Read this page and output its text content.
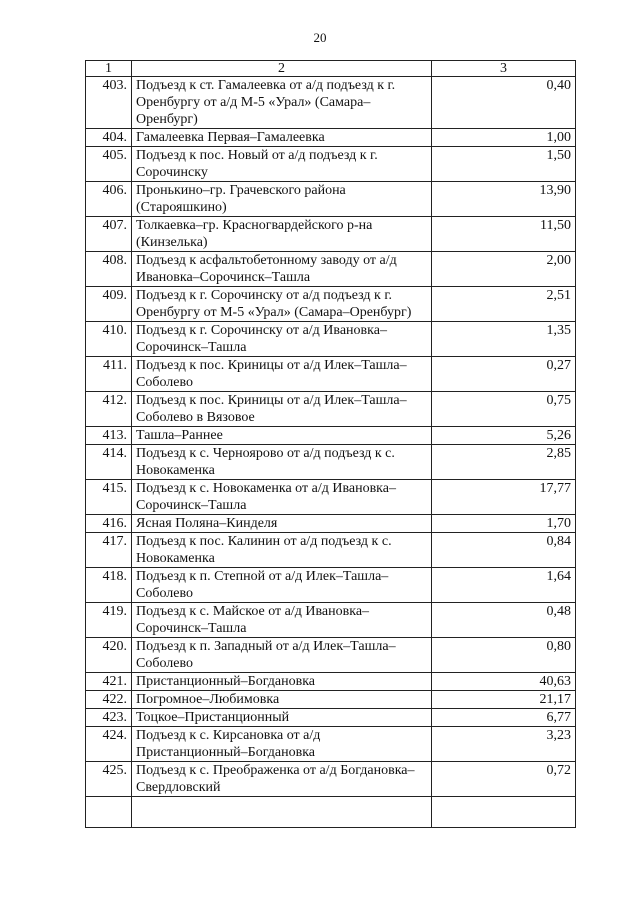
20
1	2	3
403.	Подъезд к ст. Гамалеевка от а/д подъезд к г. Оренбургу от а/д М-5 «Урал» (Самара–Оренбург)	0,40
404.	Гамалеевка Первая–Гамалеевка	1,00
405.	Подъезд к пос. Новый от а/д подъезд к г. Сорочинску	1,50
406.	Пронькино–гр. Грачевского района (Старояшкино)	13,90
407.	Толкаевка–гр. Красногвардейского р-на (Кинзелька)	11,50
408.	Подъезд к асфальтобетонному заводу от а/д Ивановка–Сорочинск–Ташла	2,00
409.	Подъезд к г. Сорочинску от а/д подъезд к г. Оренбургу от М-5 «Урал» (Самара–Оренбург)	2,51
410.	Подъезд к г. Сорочинску от а/д Ивановка–Сорочинск–Ташла	1,35
411.	Подъезд к пос. Криницы от а/д Илек–Ташла–Соболево	0,27
412.	Подъезд к пос. Криницы от а/д Илек–Ташла–Соболево в Вязовое	0,75
413.	Ташла–Раннее	5,26
414.	Подъезд к с. Чернояровo от а/д подъезд к с. Новокаменка	2,85
415.	Подъезд к с. Новокаменка от а/д Ивановка–Сорочинск–Ташла	17,77
416.	Ясная Поляна–Кинделя	1,70
417.	Подъезд к пос. Калинин от а/д подъезд к с. Новокаменка	0,84
418.	Подъезд к п. Степной от а/д Илек–Ташла–Соболево	1,64
419.	Подъезд к с. Майское от а/д Ивановка–Сорочинск–Ташла	0,48
420.	Подъезд к п. Западный от а/д Илек–Ташла–Соболево	0,80
421.	Пристанционный–Богдановка	40,63
422.	Погромное–Любимовка	21,17
423.	Тоцкое–Пристанционный	6,77
424.	Подъезд к с. Кирсановка от а/д Пристанционный–Богдановка	3,23
425.	Подъезд к с. Преображенка от а/д Богдановка–Свердловский	0,72
